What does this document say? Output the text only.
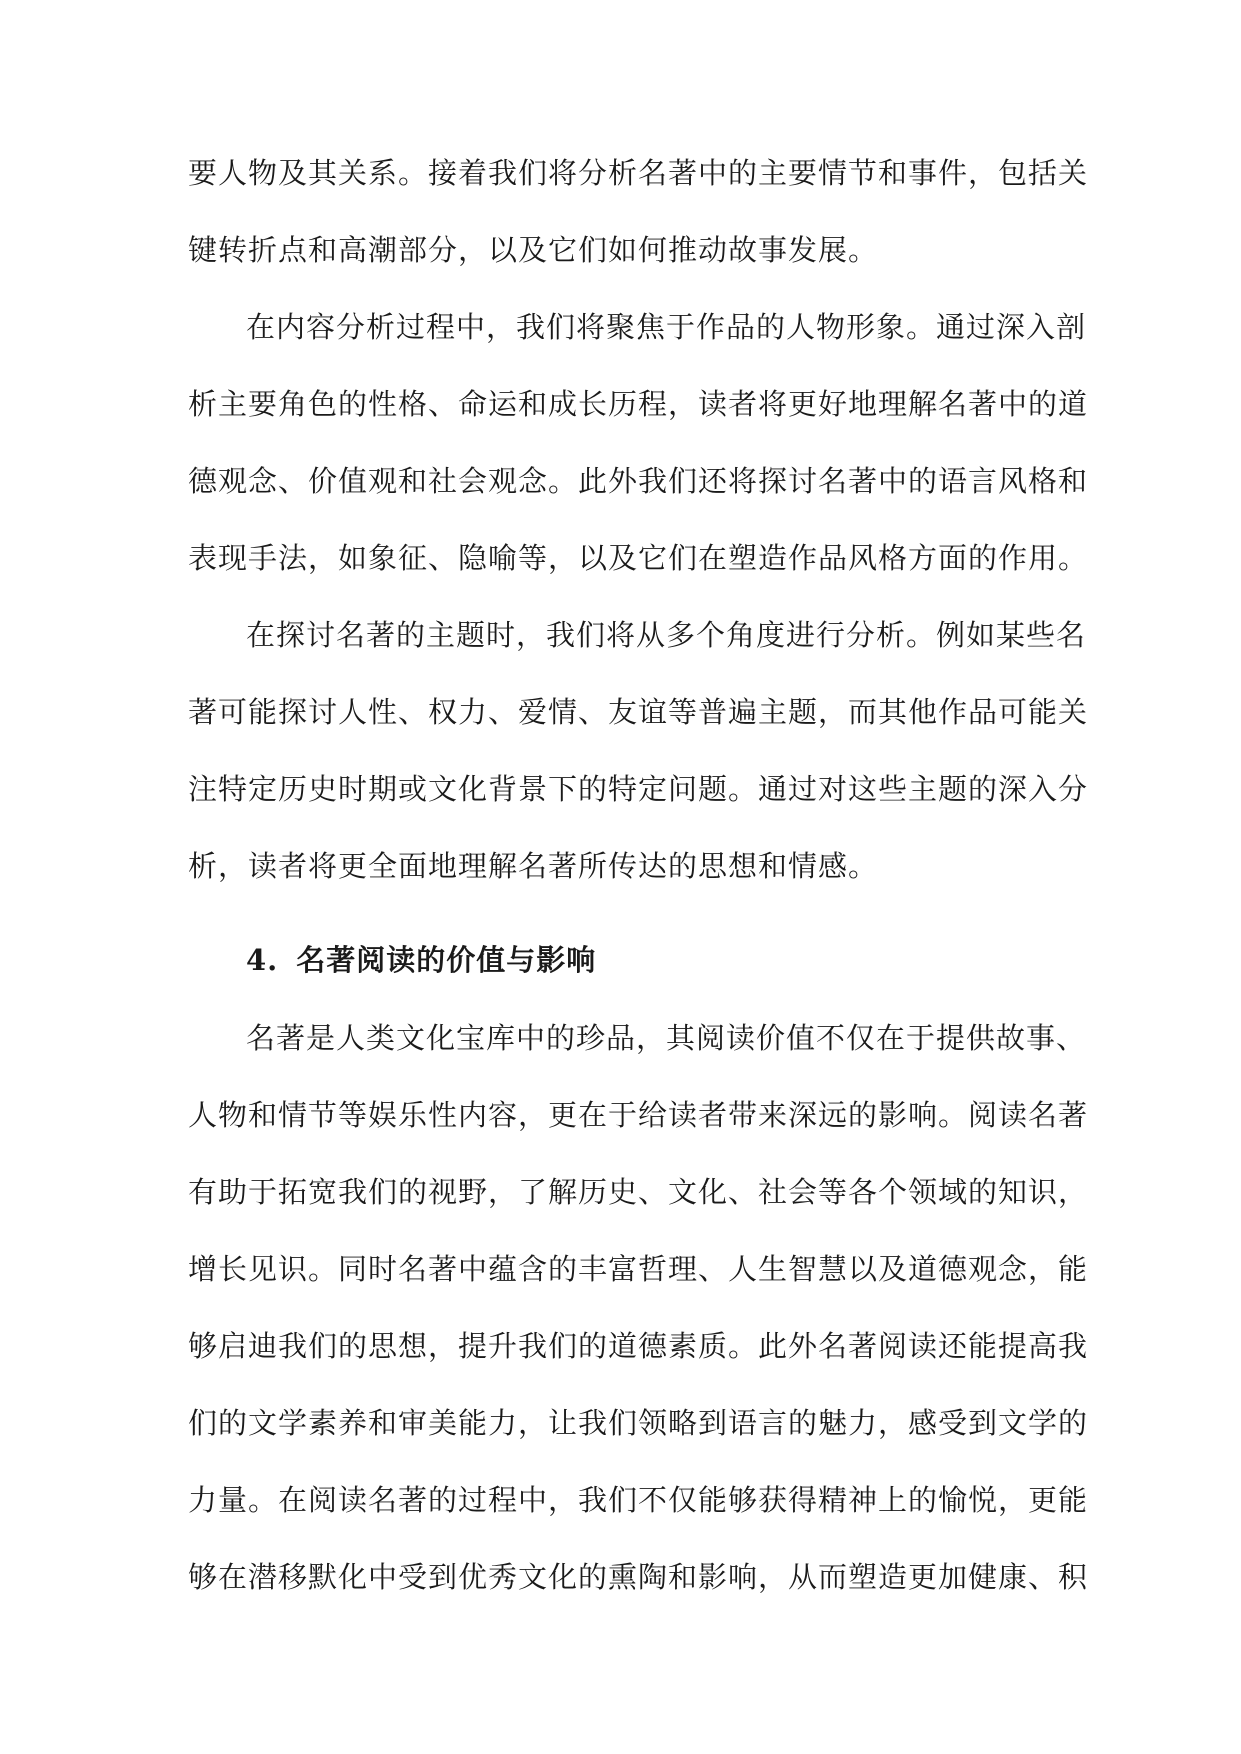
要人物及其关系。接着我们将分析名著中的主要情节和事件，包括关
键转折点和高潮部分，以及它们如何推动故事发展。
在内容分析过程中，我们将聚焦于作品的人物形象。通过深入剖
析主要角色的性格、命运和成长历程，读者将更好地理解名著中的道
德观念、价值观和社会观念。此外我们还将探讨名著中的语言风格和
表现手法，如象征、隐喻等，以及它们在塑造作品风格方面的作用。
在探讨名著的主题时，我们将从多个角度进行分析。例如某些名
著可能探讨人性、权力、爱情、友谊等普遍主题，而其他作品可能关
注特定历史时期或文化背景下的特定问题。通过对这些主题的深入分
析，读者将更全面地理解名著所传达的思想和情感。
4. 名著阅读的价值与影响
名著是人类文化宝库中的珍品，其阅读价值不仅在于提供故事、
人物和情节等娱乐性内容，更在于给读者带来深远的影响。阅读名著
有助于拓宽我们的视野，了解历史、文化、社会等各个领域的知识，
增长见识。同时名著中蕴含的丰富哲理、人生智慧以及道德观念，能
够启迪我们的思想，提升我们的道德素质。此外名著阅读还能提高我
们的文学素养和审美能力，让我们领略到语言的魅力，感受到文学的
力量。在阅读名著的过程中，我们不仅能够获得精神上的愉悦，更能
够在潜移默化中受到优秀文化的熏陶和影响，从而塑造更加健康、积
